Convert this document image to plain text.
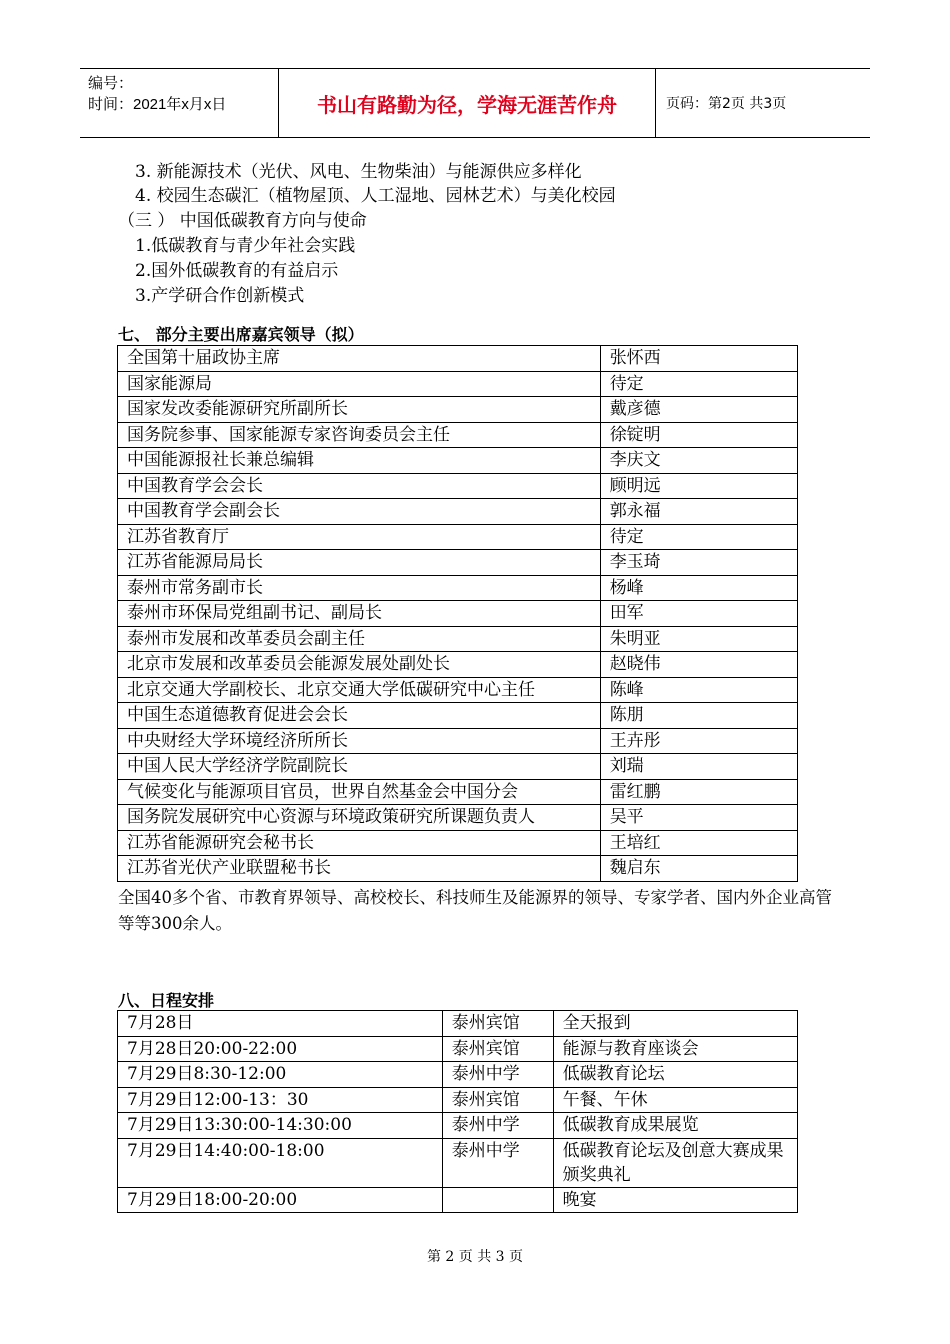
编号：
时间：2021年x月x日	书山有路勤为径，学海无涯苦作舟	页码：第2页 共3页
3. 新能源技术（光伏、风电、生物柴油）与能源供应多样化
4. 校园生态碳汇（植物屋顶、人工湿地、园林艺术）与美化校园
（三 ） 中国低碳教育方向与使命
1.低碳教育与青少年社会实践
2.国外低碳教育的有益启示
3.产学研合作创新模式
七、 部分主要出席嘉宾领导（拟）
全国第十届政协主席	张怀西
国家能源局	待定
国家发改委能源研究所副所长	戴彦德
国务院参事、国家能源专家咨询委员会主任	徐锭明
中国能源报社长兼总编辑	李庆文
中国教育学会会长	顾明远
中国教育学会副会长	郭永福
江苏省教育厅	待定
江苏省能源局局长	李玉琦
泰州市常务副市长	杨峰
泰州市环保局党组副书记、副局长	田军
泰州市发展和改革委员会副主任	朱明亚
北京市发展和改革委员会能源发展处副处长	赵晓伟
北京交通大学副校长、北京交通大学低碳研究中心主任	陈峰
中国生态道德教育促进会会长	陈朋
中央财经大学环境经济所所长	王卉彤
中国人民大学经济学院副院长	刘瑞
气候变化与能源项目官员，世界自然基金会中国分会	雷红鹏
国务院发展研究中心资源与环境政策研究所课题负责人	吴平
江苏省能源研究会秘书长	王培红
江苏省光伏产业联盟秘书长	魏启东
全国40多个省、市教育界领导、高校校长、科技师生及能源界的领导、专家学者、国内外企业高管等等300余人。
八、日程安排
7月28日	泰州宾馆	全天报到
7月28日20:00-22:00	泰州宾馆	能源与教育座谈会
7月29日8:30-12:00	泰州中学	低碳教育论坛
7月29日12:00-13：30	泰州宾馆	午餐、午休
7月29日13:30:00-14:30:00	泰州中学	低碳教育成果展览
7月29日14:40:00-18:00	泰州中学	低碳教育论坛及创意大赛成果颁奖典礼
7月29日18:00-20:00		晚宴
第 2 页 共 3 页
